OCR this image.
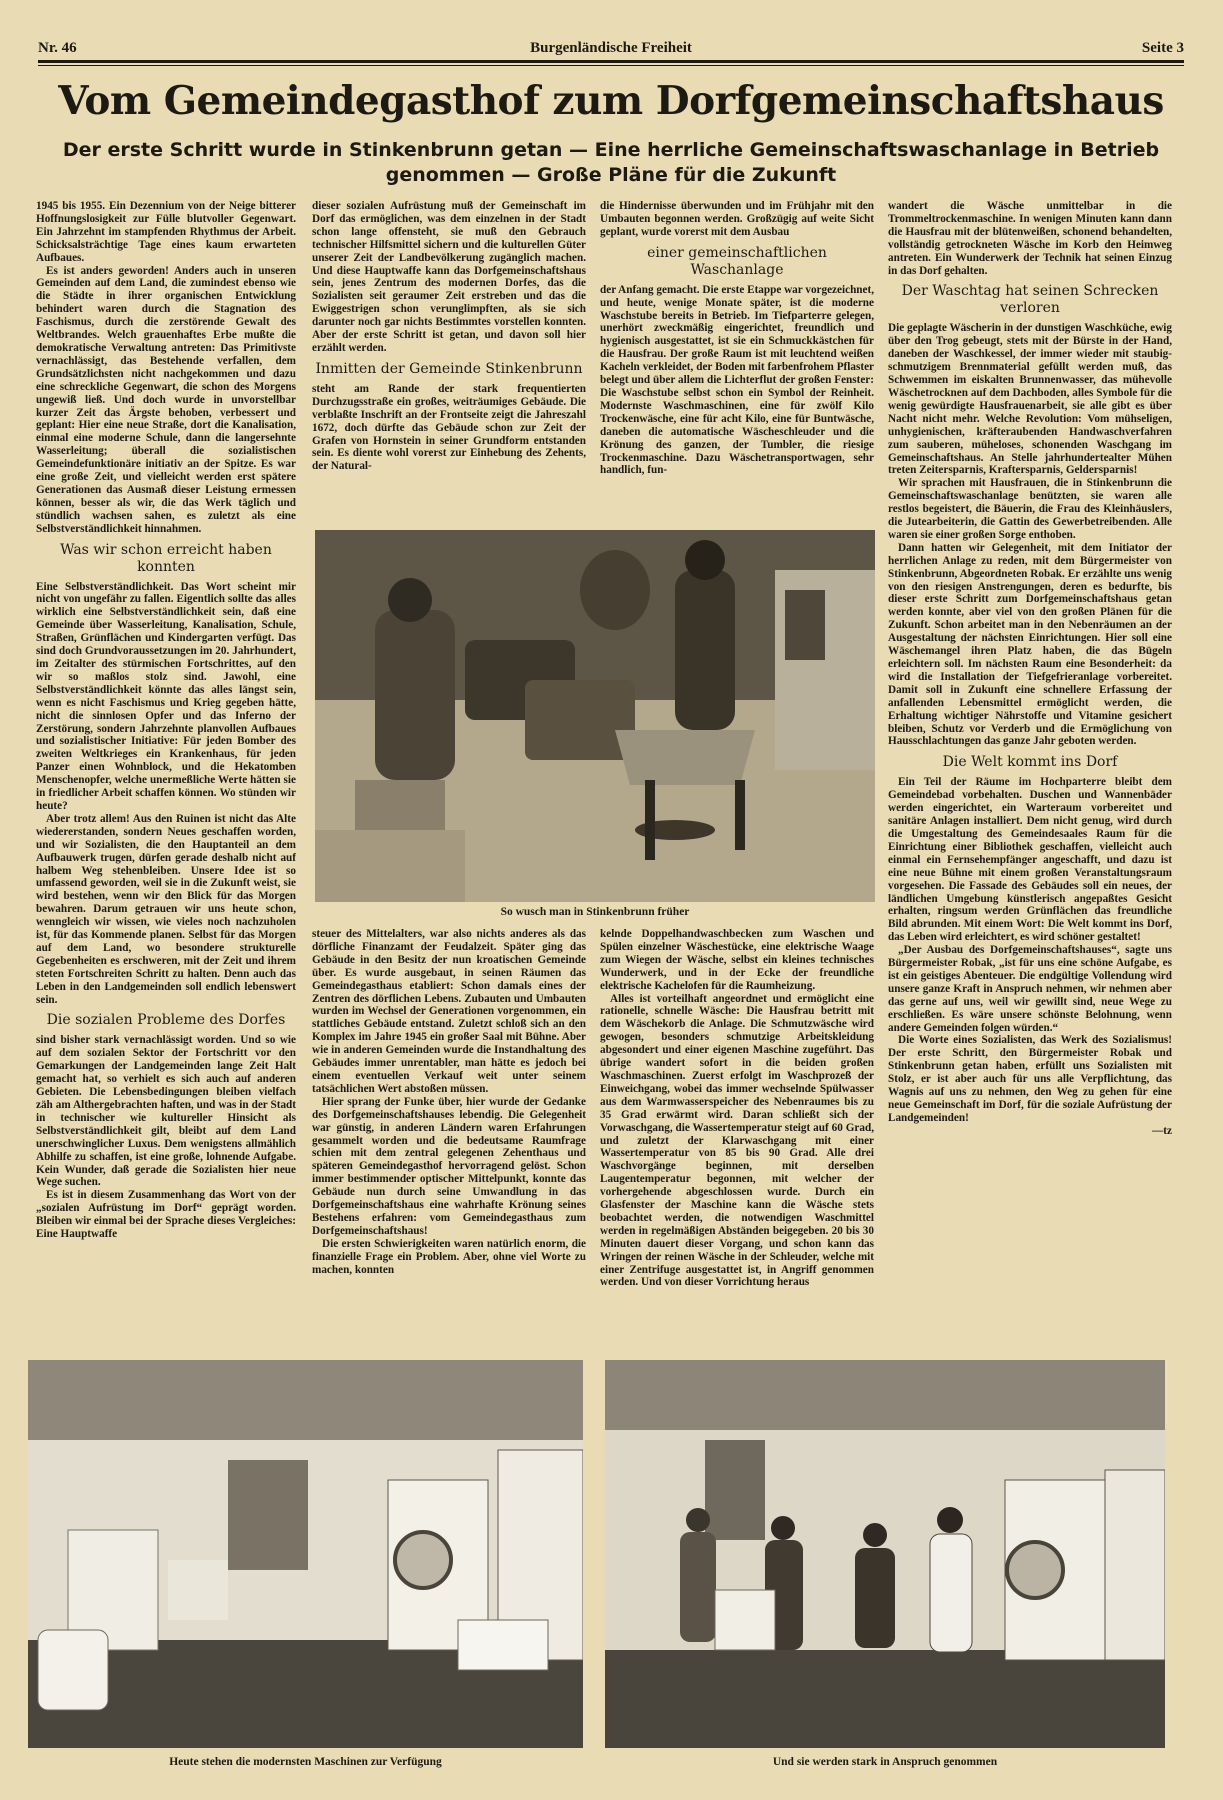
Nr. 46	Burgenländische Freiheit	Seite 3
Vom Gemeindegasthof zum Dorfgemeinschaftshaus
Der erste Schritt wurde in Stinkenbrunn getan — Eine herrliche Gemeinschaftswaschanlage in Betrieb genommen — Große Pläne für die Zukunft

1945 bis 1955. Ein Dezennium von der Neige bitterer Hoffnungslosigkeit zur Fülle blutvoller Gegenwart. Ein Jahrzehnt im stampfenden Rhythmus der Arbeit. Schicksalsträchtige Tage eines kaum erwarteten Aufbaues.

Es ist anders geworden! Anders auch in unseren Gemeinden auf dem Land, die zumindest ebenso wie die Städte in ihrer organischen Entwicklung behindert waren durch die Stagnation des Faschismus, durch die zerstörende Gewalt des Weltbrandes. Welch grauenhaftes Erbe mußte die demokratische Verwaltung antreten: Das Primitivste vernachlässigt, das Bestehende verfallen, dem Grundsätzlichsten nicht nachgekommen und dazu eine schreckliche Gegenwart, die schon des Morgens ungewiß ließ. Und doch wurde in unvorstellbar kurzer Zeit das Ärgste behoben, verbessert und geplant: Hier eine neue Straße, dort die Kanalisation, einmal eine moderne Schule, dann die langersehnte Wasserleitung; überall die sozialistischen Gemeindefunktionäre initiativ an der Spitze. Es war eine große Zeit, und vielleicht werden erst spätere Generationen das Ausmaß dieser Leistung ermessen können, besser als wir, die das Werk täglich und stündlich wachsen sahen, es zuletzt als eine Selbstverständlichkeit hinnahmen.

Was wir schon erreicht haben konnten

Eine Selbstverständlichkeit. Das Wort scheint mir nicht von ungefähr zu fallen. Eigentlich sollte das alles wirklich eine Selbstverständlichkeit sein, daß eine Gemeinde über Wasserleitung, Kanalisation, Schule, Straßen, Grünflächen und Kindergarten verfügt. Das sind doch Grundvoraussetzungen im 20. Jahrhundert, im Zeitalter des stürmischen Fortschrittes, auf den wir so maßlos stolz sind. Jawohl, eine Selbstverständlichkeit könnte das alles längst sein, wenn es nicht Faschismus und Krieg gegeben hätte, nicht die sinnlosen Opfer und das Inferno der Zerstörung, sondern Jahrzehnte planvollen Aufbaues und sozialistischer Initiative: Für jeden Bomber des zweiten Weltkrieges ein Krankenhaus, für jeden Panzer einen Wohnblock, und die Hekatomben Menschenopfer, welche unermeßliche Werte hätten sie in friedlicher Arbeit schaffen können. Wo stünden wir heute?

Aber trotz allem! Aus den Ruinen ist nicht das Alte wiedererstanden, sondern Neues geschaffen worden, und wir Sozialisten, die den Hauptanteil an dem Aufbauwerk trugen, dürfen gerade deshalb nicht auf halbem Weg stehenbleiben. Unsere Idee ist so umfassend geworden, weil sie in die Zukunft weist, sie wird bestehen, wenn wir den Blick für das Morgen bewahren. Darum getrauen wir uns heute schon, wenngleich wir wissen, wie vieles noch nachzuholen ist, für das Kommende planen. Selbst für das Morgen auf dem Land, wo besondere strukturelle Gegebenheiten es erschweren, mit der Zeit und ihrem steten Fortschreiten Schritt zu halten. Denn auch das Leben in den Landgemeinden soll endlich lebenswert sein.

Die sozialen Probleme des Dorfes

sind bisher stark vernachlässigt worden. Und so wie auf dem sozialen Sektor der Fortschritt vor den Gemarkungen der Landgemeinden lange Zeit Halt gemacht hat, so verhielt es sich auch auf anderen Gebieten. Die Lebensbedingungen bleiben vielfach zäh am Althergebrachten haften, und was in der Stadt in technischer wie kultureller Hinsicht als Selbstverständlichkeit gilt, bleibt auf dem Land unerschwinglicher Luxus. Dem wenigstens allmählich Abhilfe zu schaffen, ist eine große, lohnende Aufgabe. Kein Wunder, daß gerade die Sozialisten hier neue Wege suchen.

Es ist in diesem Zusammenhang das Wort von der „sozialen Aufrüstung im Dorf“ geprägt worden. Bleiben wir einmal bei der Sprache dieses Vergleiches: Eine Hauptwaffe

dieser sozialen Aufrüstung muß der Gemeinschaft im Dorf das ermöglichen, was dem einzelnen in der Stadt schon lange offensteht, sie muß den Gebrauch technischer Hilfsmittel sichern und die kulturellen Güter unserer Zeit der Landbevölkerung zugänglich machen. Und diese Hauptwaffe kann das Dorfgemeinschaftshaus sein, jenes Zentrum des modernen Dorfes, das die Sozialisten seit geraumer Zeit erstreben und das die Ewiggestrigen schon verunglimpften, als sie sich darunter noch gar nichts Bestimmtes vorstellen konnten. Aber der erste Schritt ist getan, und davon soll hier erzählt werden.

Inmitten der Gemeinde Stinkenbrunn

steht am Rande der stark frequentierten Durchzugsstraße ein großes, weiträumiges Gebäude. Die verblaßte Inschrift an der Frontseite zeigt die Jahreszahl 1672, doch dürfte das Gebäude schon zur Zeit der Grafen von Hornstein in seiner Grundform entstanden sein. Es diente wohl vorerst zur Einhebung des Zehents, der Natural-

die Hindernisse überwunden und im Frühjahr mit den Umbauten begonnen werden. Großzügig auf weite Sicht geplant, wurde vorerst mit dem Ausbau

einer gemeinschaftlichen Waschanlage

der Anfang gemacht. Die erste Etappe war vorgezeichnet, und heute, wenige Monate später, ist die moderne Waschstube bereits in Betrieb. Im Tiefparterre gelegen, unerhört zweckmäßig eingerichtet, freundlich und hygienisch ausgestattet, ist sie ein Schmuckkästchen für die Hausfrau. Der große Raum ist mit leuchtend weißen Kacheln verkleidet, der Boden mit farbenfrohem Pflaster belegt und über allem die Lichterflut der großen Fenster: Die Waschstube selbst schon ein Symbol der Reinheit. Modernste Waschmaschinen, eine für zwölf Kilo Trockenwäsche, eine für acht Kilo, eine für Buntwäsche, daneben die automatische Wäscheschleuder und die Krönung des ganzen, der Tumbler, die riesige Trockenmaschine. Dazu Wäschetransportwagen, sehr handlich, fun-

So wusch man in Stinkenbrunn früher

steuer des Mittelalters, war also nichts anderes als das dörfliche Finanzamt der Feudalzeit. Später ging das Gebäude in den Besitz der nun kroatischen Gemeinde über. Es wurde ausgebaut, in seinen Räumen das Gemeindegasthaus etabliert: Schon damals eines der Zentren des dörflichen Lebens. Zubauten und Umbauten wurden im Wechsel der Generationen vorgenommen, ein stattliches Gebäude entstand. Zuletzt schloß sich an den Komplex im Jahre 1945 ein großer Saal mit Bühne. Aber wie in anderen Gemeinden wurde die Instandhaltung des Gebäudes immer unrentabler, man hätte es jedoch bei einem eventuellen Verkauf weit unter seinem tatsächlichen Wert abstoßen müssen.

Hier sprang der Funke über, hier wurde der Gedanke des Dorfgemeinschaftshauses lebendig. Die Gelegenheit war günstig, in anderen Ländern waren Erfahrungen gesammelt worden und die bedeutsame Raumfrage schien mit dem zentral gelegenen Zehenthaus und späteren Gemeindegasthof hervorragend gelöst. Schon immer bestimmender optischer Mittelpunkt, konnte das Gebäude nun durch seine Umwandlung in das Dorfgemeinschaftshaus eine wahrhafte Krönung seines Bestehens erfahren: vom Gemeindegasthaus zum Dorfgemeinschaftshaus!

Die ersten Schwierigkeiten waren natürlich enorm, die finanzielle Frage ein Problem. Aber, ohne viel Worte zu machen, konnten

kelnde Doppelhandwaschbecken zum Waschen und Spülen einzelner Wäschestücke, eine elektrische Waage zum Wiegen der Wäsche, selbst ein kleines technisches Wunderwerk, und in der Ecke der freundliche elektrische Kachelofen für die Raumheizung.

Alles ist vorteilhaft angeordnet und ermöglicht eine rationelle, schnelle Wäsche: Die Hausfrau betritt mit dem Wäschekorb die Anlage. Die Schmutzwäsche wird gewogen, besonders schmutzige Arbeitskleidung abgesondert und einer eigenen Maschine zugeführt. Das übrige wandert sofort in die beiden großen Waschmaschinen. Zuerst erfolgt im Waschprozeß der Einweichgang, wobei das immer wechselnde Spülwasser aus dem Warmwasserspeicher des Nebenraumes bis zu 35 Grad erwärmt wird. Daran schließt sich der Vorwaschgang, die Wassertemperatur steigt auf 60 Grad, und zuletzt der Klarwaschgang mit einer Wassertemperatur von 85 bis 90 Grad. Alle drei Waschvorgänge beginnen, mit derselben Laugentemperatur begonnen, mit welcher der vorhergehende abgeschlossen wurde. Durch ein Glasfenster der Maschine kann die Wäsche stets beobachtet werden, die notwendigen Waschmittel werden in regelmäßigen Abständen beigegeben. 20 bis 30 Minuten dauert dieser Vorgang, und schon kann das Wringen der reinen Wäsche in der Schleuder, welche mit einer Zentrifuge ausgestattet ist, in Angriff genommen werden. Und von dieser Vorrichtung heraus

wandert die Wäsche unmittelbar in die Trommeltrockenmaschine. In wenigen Minuten kann dann die Hausfrau mit der blütenweißen, schonend behandelten, vollständig getrockneten Wäsche im Korb den Heimweg antreten. Ein Wunderwerk der Technik hat seinen Einzug in das Dorf gehalten.

Der Waschtag hat seinen Schrecken verloren

Die geplagte Wäscherin in der dunstigen Waschküche, ewig über den Trog gebeugt, stets mit der Bürste in der Hand, daneben der Waschkessel, der immer wieder mit staubig-schmutzigem Brennmaterial gefüllt werden muß, das Schwemmen im eiskalten Brunnenwasser, das mühevolle Wäschetrocknen auf dem Dachboden, alles Symbole für die wenig gewürdigte Hausfrauenarbeit, sie alle gibt es über Nacht nicht mehr. Welche Revolution: Vom mühseligen, unhygienischen, kräfteraubenden Handwaschverfahren zum sauberen, müheloses, schonenden Waschgang im Gemeinschaftshaus. An Stelle jahrhundertealter Mühen treten Zeitersparnis, Kraftersparnis, Geldersparnis!

Wir sprachen mit Hausfrauen, die in Stinkenbrunn die Gemeinschaftswaschanlage benützten, sie waren alle restlos begeistert, die Bäuerin, die Frau des Kleinhäuslers, die Jutearbeiterin, die Gattin des Gewerbetreibenden. Alle waren sie einer großen Sorge enthoben.

Dann hatten wir Gelegenheit, mit dem Initiator der herrlichen Anlage zu reden, mit dem Bürgermeister von Stinkenbrunn, Abgeordneten Robak. Er erzählte uns wenig von den riesigen Anstrengungen, deren es bedurfte, bis dieser erste Schritt zum Dorfgemeinschaftshaus getan werden konnte, aber viel von den großen Plänen für die Zukunft. Schon arbeitet man in den Nebenräumen an der Ausgestaltung der nächsten Einrichtungen. Hier soll eine Wäschemangel ihren Platz haben, die das Bügeln erleichtern soll. Im nächsten Raum eine Besonderheit: da wird die Installation der Tiefgefrieranlage vorbereitet. Damit soll in Zukunft eine schnellere Erfassung der anfallenden Lebensmittel ermöglicht werden, die Erhaltung wichtiger Nährstoffe und Vitamine gesichert bleiben, Schutz vor Verderb und die Ermöglichung von Hausschlachtungen das ganze Jahr geboten werden.

Die Welt kommt ins Dorf

Ein Teil der Räume im Hochparterre bleibt dem Gemeindebad vorbehalten. Duschen und Wannenbäder werden eingerichtet, ein Warteraum vorbereitet und sanitäre Anlagen installiert. Dem nicht genug, wird durch die Umgestaltung des Gemeindesaales Raum für die Einrichtung einer Bibliothek geschaffen, vielleicht auch einmal ein Fernsehempfänger angeschafft, und dazu ist eine neue Bühne mit einem großen Veranstaltungsraum vorgesehen. Die Fassade des Gebäudes soll ein neues, der ländlichen Umgebung künstlerisch angepaßtes Gesicht erhalten, ringsum werden Grünflächen das freundliche Bild abrunden. Mit einem Wort: Die Welt kommt ins Dorf, das Leben wird erleichtert, es wird schöner gestaltet!

„Der Ausbau des Dorfgemeinschaftshauses“, sagte uns Bürgermeister Robak, „ist für uns eine schöne Aufgabe, es ist ein geistiges Abenteuer. Die endgültige Vollendung wird unsere ganze Kraft in Anspruch nehmen, wir nehmen aber das gerne auf uns, weil wir gewillt sind, neue Wege zu erschließen. Es wäre unsere schönste Belohnung, wenn andere Gemeinden folgen würden.“

Die Worte eines Sozialisten, das Werk des Sozialismus! Der erste Schritt, den Bürgermeister Robak und Stinkenbrunn getan haben, erfüllt uns Sozialisten mit Stolz, er ist aber auch für uns alle Verpflichtung, das Wagnis auf uns zu nehmen, den Weg zu gehen für eine neue Gemeinschaft im Dorf, für die soziale Aufrüstung der Landgemeinden!

—tz

Heute stehen die modernsten Maschinen zur Verfügung	Und sie werden stark in Anspruch genommen
